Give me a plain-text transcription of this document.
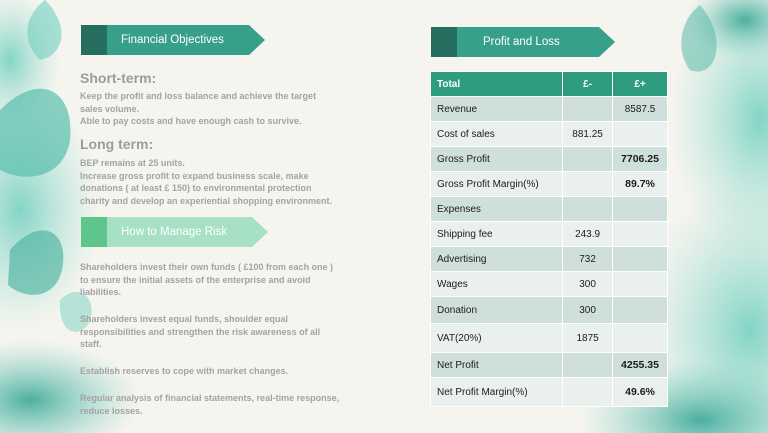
Financial Objectives
Short-term:
Keep the profit and loss balance and achieve the target
sales volume.
Able to pay costs and have enough cash to survive.
Long term:
BEP remains at 25 units.
Increase gross profit to expand business scale, make
donations ( at least £ 150) to environmental protection
charity and develop an experiential shopping environment.
How to Manage Risk
Shareholders invest their own funds ( £100 from each one )
to ensure the initial assets of the enterprise and avoid
liabilities.
Shareholders invest equal funds, shoulder equal
responsibilities and strengthen the risk awareness of all
staff.
Establish reserves to cope with market changes.
Regular analysis of financial statements, real-time response,
reduce losses.
Profit and Loss
Total	£-	£+
Revenue		8587.5
Cost of sales	881.25	
Gross Profit		7706.25
Gross Profit Margin(%)		89.7%
Expenses		
Shipping fee	243.9	
Advertising	732	
Wages	300	
Donation	300	
VAT(20%)	1875	
Net Profit		4255.35
Net Profit Margin(%)		49.6%
